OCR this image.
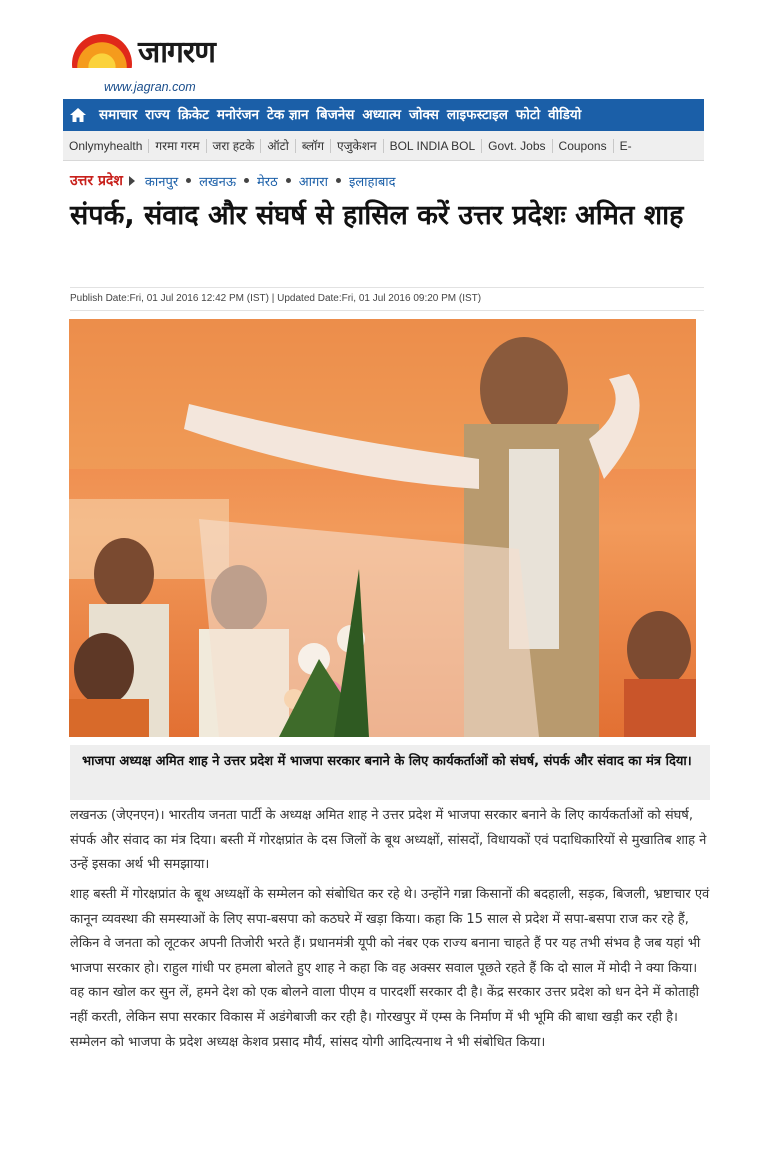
जागरण
www.jagran.com
समाचार राज्य क्रिकेट मनोरंजन टेक ज्ञान बिजनेस अध्यात्म जोक्स लाइफस्टाइल फोटो वीडियो
Onlymyhealth	गरमा गरम	जरा हटके	ऑटो	ब्लॉग	एजुकेशन	BOL INDIA BOL	Govt. Jobs	Coupons	E-
उत्तर प्रदेश कानपुर लखनऊ मेरठ आगरा इलाहाबाद
संपर्क, संवाद और संघर्ष से हासिल करें उत्तर प्रदेशः अमित शाह
Publish Date:Fri, 01 Jul 2016 12:42 PM (IST) | Updated Date:Fri, 01 Jul 2016 09:20 PM (IST)
भाजपा अध्यक्ष अमित शाह ने उत्तर प्रदेश में भाजपा सरकार बनाने के लिए कार्यकर्ताओं को संघर्ष, संपर्क और संवाद का मंत्र दिया।

लखनऊ (जेएनएन)। भारतीय जनता पार्टी के अध्यक्ष अमित शाह ने उत्तर प्रदेश में भाजपा सरकार बनाने के लिए कार्यकर्ताओं को संघर्ष, संपर्क और संवाद का मंत्र दिया। बस्ती में गोरक्षप्रांत के दस जिलों के बूथ अध्यक्षों, सांसदों, विधायकों एवं पदाधिकारियों से मुखातिब शाह ने उन्हें इसका अर्थ भी समझाया।

शाह बस्ती में गोरक्षप्रांत के बूथ अध्यक्षों के सम्मेलन को संबोधित कर रहे थे। उन्होंने गन्ना किसानों की बदहाली, सड़क, बिजली, भ्रष्टाचार एवं कानून व्यवस्था की समस्याओं के लिए सपा-बसपा को कठघरे में खड़ा किया। कहा कि 15 साल से प्रदेश में सपा-बसपा राज कर रहे हैं, लेकिन वे जनता को लूटकर अपनी तिजोरी भरते हैं। प्रधानमंत्री यूपी को नंबर एक राज्य बनाना चाहते हैं पर यह तभी संभव है जब यहां भी भाजपा सरकार हो। राहुल गांधी पर हमला बोलते हुए शाह ने कहा कि वह अक्सर सवाल पूछते रहते हैं कि दो साल में मोदी ने क्या किया। वह कान खोल कर सुन लें, हमने देश को एक बोलने वाला पीएम व पारदर्शी सरकार दी है। केंद्र सरकार उत्तर प्रदेश को धन देने में कोताही नहीं करती, लेकिन सपा सरकार विकास में अडंगेबाजी कर रही है। गोरखपुर में एम्स के निर्माण में भी भूमि की बाधा खड़ी कर रही है। सम्मेलन को भाजपा के प्रदेश अध्यक्ष केशव प्रसाद मौर्य, सांसद योगी आदित्यनाथ ने भी संबोधित किया।
